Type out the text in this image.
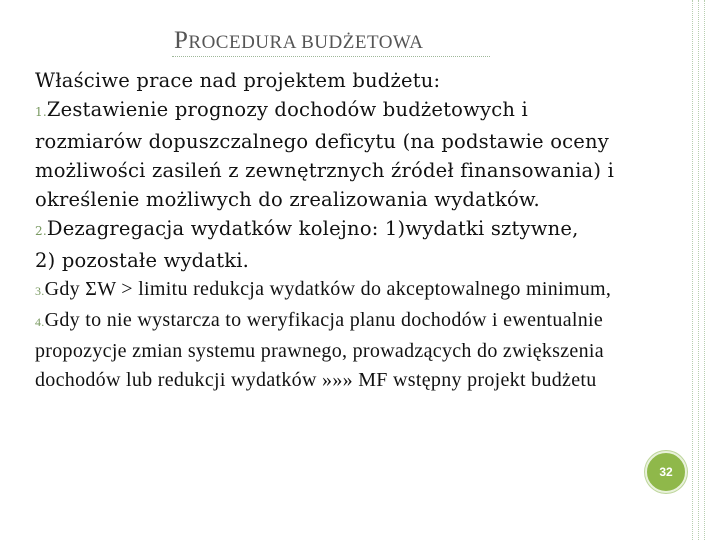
PROCEDURA BUDŻETOWA

Właściwe prace nad projektem budżetu:

1.Zestawienie prognozy dochodów budżetowych i rozmiarów dopuszczalnego deficytu (na podstawie oceny możliwości zasileń z zewnętrznych źródeł finansowania) i określenie możliwych do zrealizowania wydatków.

2.Dezagregacja wydatków kolejno: 1)wydatki sztywne,

2) pozostałe wydatki.

3.Gdy ΣW > limitu redukcja wydatków do akceptowalnego minimum,

4.Gdy to nie wystarcza to weryfikacja planu dochodów i ewentualnie propozycje zmian systemu prawnego, prowadzących do zwiększenia dochodów lub redukcji wydatków »»» MF wstępny projekt budżetu

32
